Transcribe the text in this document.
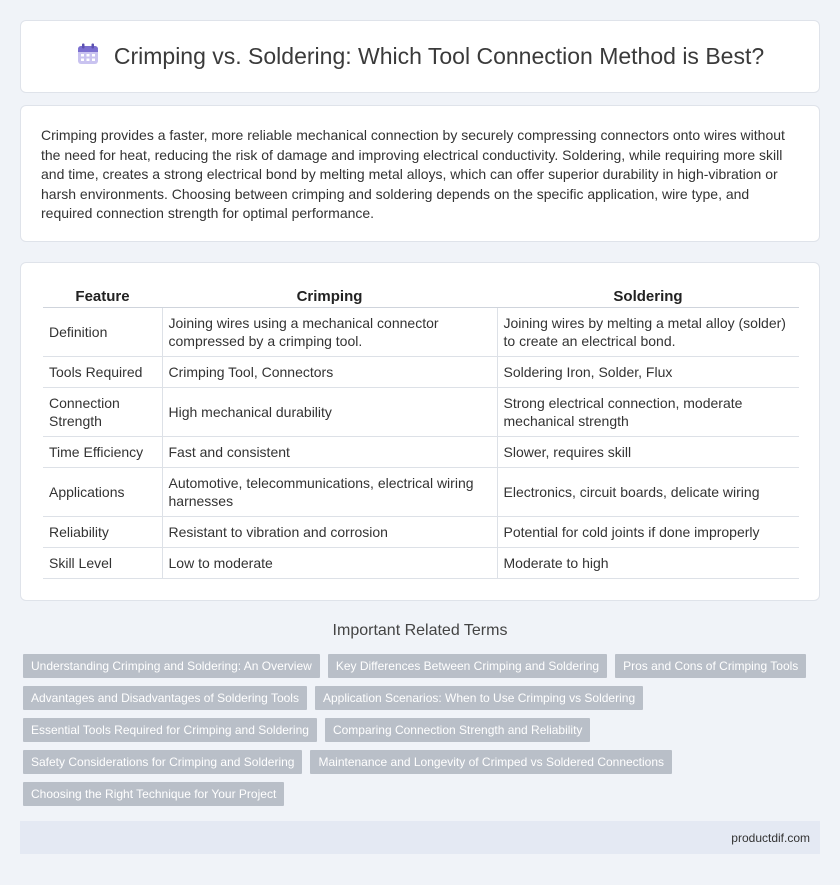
Crimping vs. Soldering: Which Tool Connection Method is Best?

Crimping provides a faster, more reliable mechanical connection by securely compressing connectors onto wires without the need for heat, reducing the risk of damage and improving electrical conductivity. Soldering, while requiring more skill and time, creates a strong electrical bond by melting metal alloys, which can offer superior durability in high-vibration or harsh environments. Choosing between crimping and soldering depends on the specific application, wire type, and required connection strength for optimal performance.

Feature	Crimping	Soldering
Definition	Joining wires using a mechanical connector compressed by a crimping tool.	Joining wires by melting a metal alloy (solder) to create an electrical bond.
Tools Required	Crimping Tool, Connectors	Soldering Iron, Solder, Flux
Connection Strength	High mechanical durability	Strong electrical connection, moderate mechanical strength
Time Efficiency	Fast and consistent	Slower, requires skill
Applications	Automotive, telecommunications, electrical wiring harnesses	Electronics, circuit boards, delicate wiring
Reliability	Resistant to vibration and corrosion	Potential for cold joints if done improperly
Skill Level	Low to moderate	Moderate to high
Important Related Terms
Understanding Crimping and Soldering: An Overview	Key Differences Between Crimping and Soldering	Pros and Cons of Crimping Tools
Advantages and Disadvantages of Soldering Tools	Application Scenarios: When to Use Crimping vs Soldering
Essential Tools Required for Crimping and Soldering	Comparing Connection Strength and Reliability
Safety Considerations for Crimping and Soldering	Maintenance and Longevity of Crimped vs Soldered Connections
Choosing the Right Technique for Your Project
productdif.com
